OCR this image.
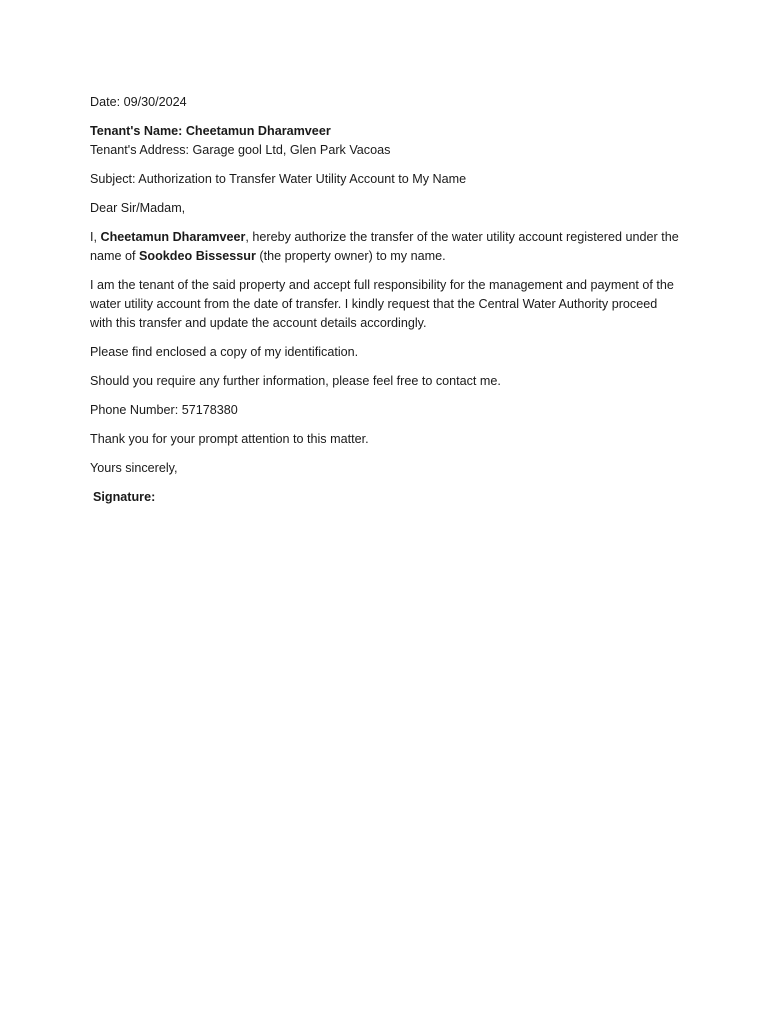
Date: 09/30/2024

Tenant's Name: Cheetamun Dharamveer

Tenant's Address: Garage gool Ltd, Glen Park Vacoas

Subject: Authorization to Transfer Water Utility Account to My Name

Dear Sir/Madam,

I, Cheetamun Dharamveer, hereby authorize the transfer of the water utility account registered under the name of Sookdeo Bissessur (the property owner) to my name.

I am the tenant of the said property and accept full responsibility for the management and payment of the water utility account from the date of transfer. I kindly request that the Central Water Authority proceed with this transfer and update the account details accordingly.

Please find enclosed a copy of my identification.

Should you require any further information, please feel free to contact me.

Phone Number: 57178380

Thank you for your prompt attention to this matter.

Yours sincerely,

Signature:
